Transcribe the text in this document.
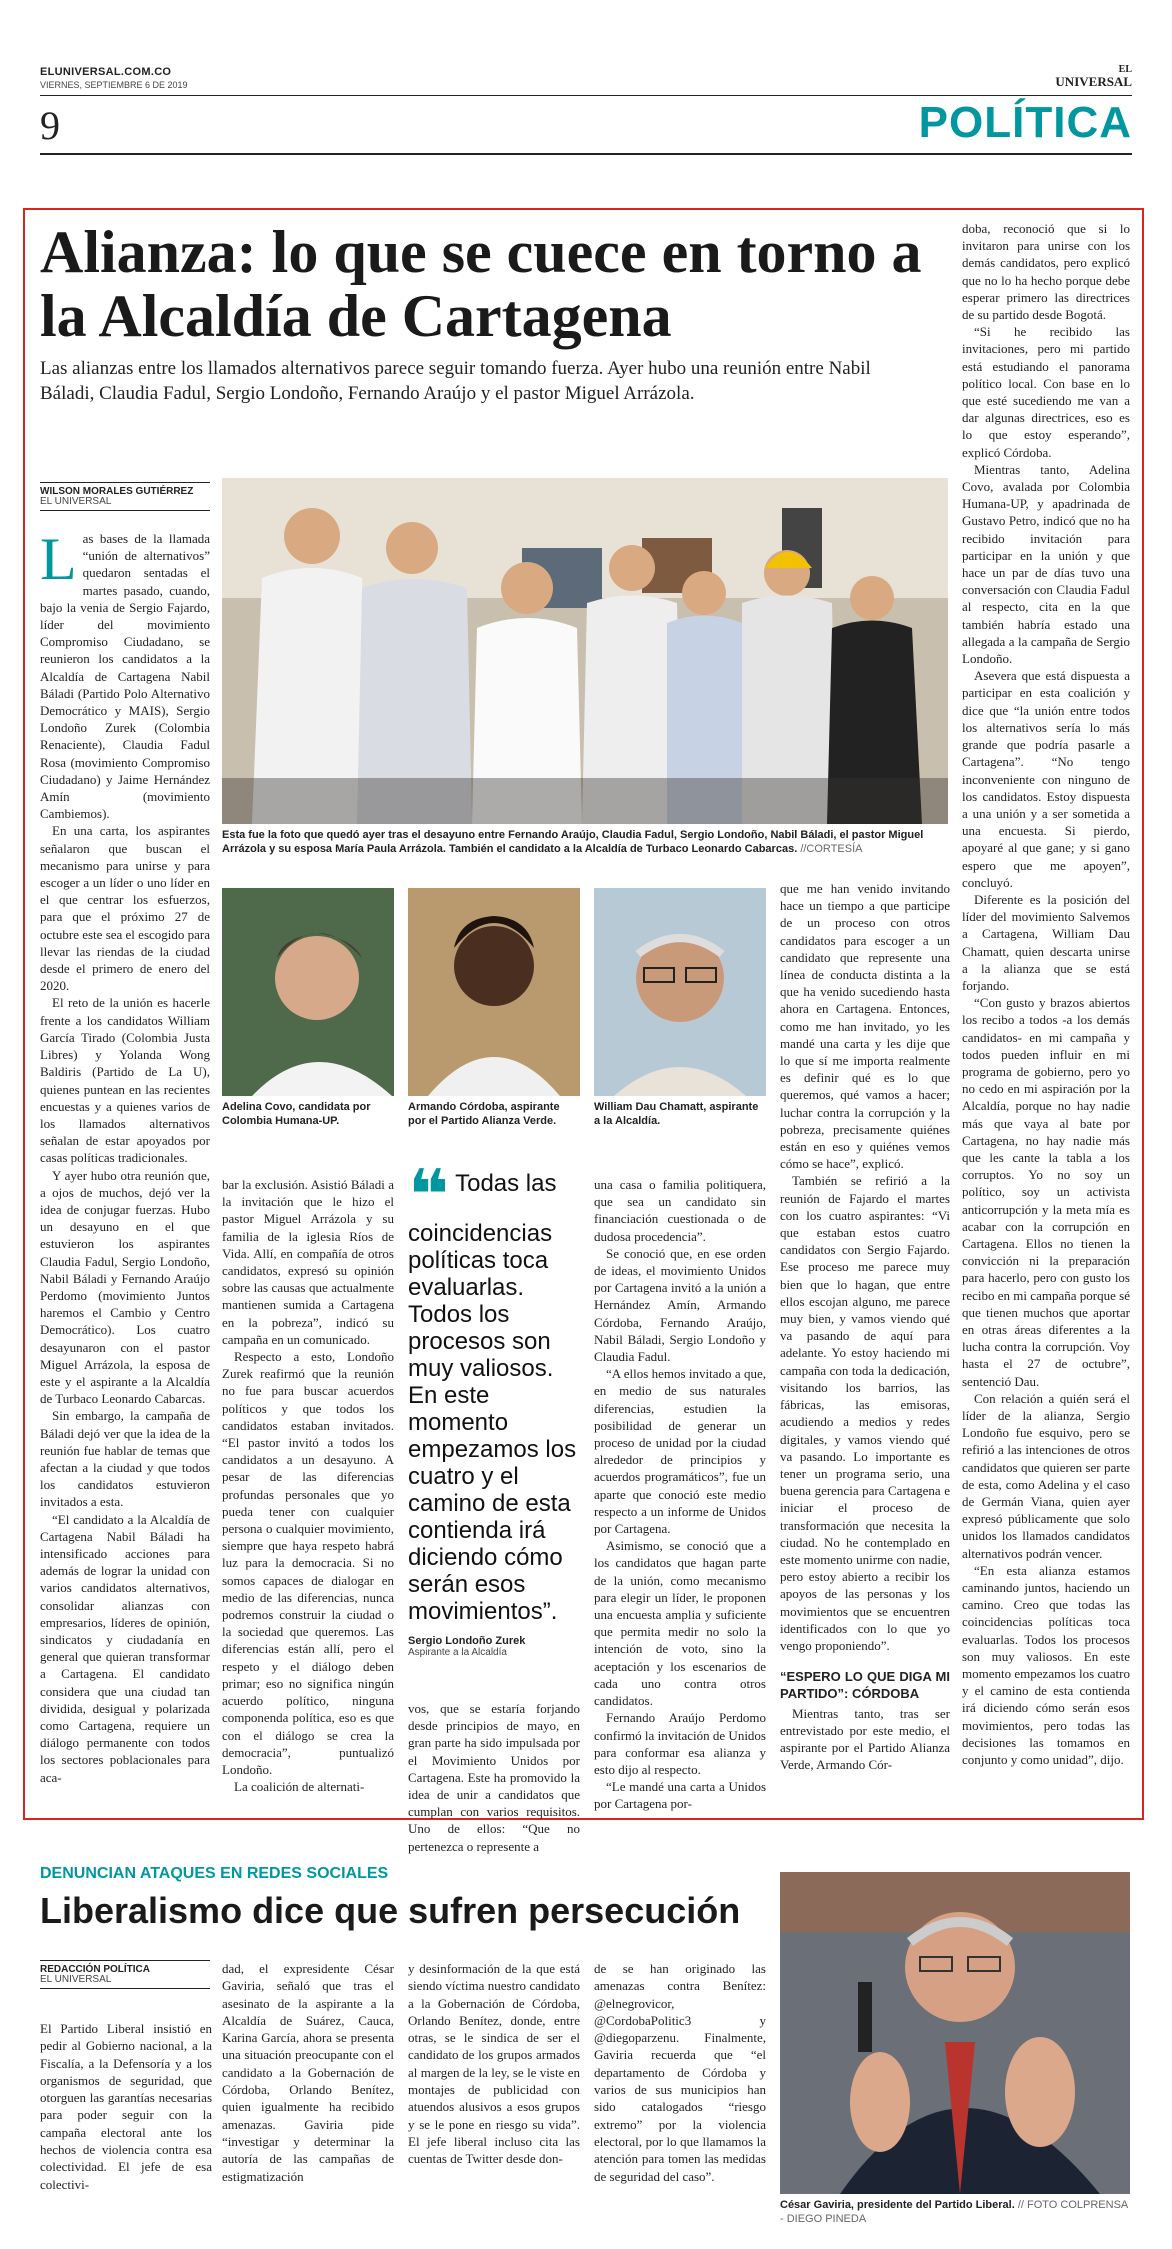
ELUNIVERSAL.COM.CO
VIERNES, SEPTIEMBRE 6 DE 2019
EL
UNIVERSAL
9	POLÍTICA
Alianza: lo que se cuece en torno a la Alcaldía de Cartagena
Las alianzas entre los llamados alternativos parece seguir tomando fuerza. Ayer hubo una reunión entre Nabil Báladi, Claudia Fadul, Sergio Londoño, Fernando Araújo y el pastor Miguel Arrázola.
WILSON MORALES GUTIÉRREZ
EL UNIVERSAL
L as bases de la llamada “unión de alternativos” quedaron sentadas el martes pasado, cuando, bajo la venia de Sergio Fajardo, líder del movimiento Compromiso Ciudadano, se reunieron los candidatos a la Alcaldía de Cartagena Nabil Báladi (Partido Polo Alternativo Democrático y MAIS), Sergio Londoño Zurek (Colombia Renaciente), Claudia Fadul Rosa (movimiento Compromiso Ciudadano) y Jaime Hernández Amín (movimiento Cambiemos).

En una carta, los aspirantes señalaron que buscan el mecanismo para unirse y para escoger a un líder o uno líder en el que centrar los esfuerzos, para que el próximo 27 de octubre este sea el escogido para llevar las riendas de la ciudad desde el primero de enero del 2020.

El reto de la unión es hacerle frente a los candidatos William García Tirado (Colombia Justa Libres) y Yolanda Wong Baldiris (Partido de La U), quienes puntean en las recientes encuestas y a quienes varios de los llamados alternativos señalan de estar apoyados por casas políticas tradicionales.

Y ayer hubo otra reunión que, a ojos de muchos, dejó ver la idea de conjugar fuerzas. Hubo un desayuno en el que estuvieron los aspirantes Claudia Fadul, Sergio Londoño, Nabil Báladi y Fernando Araújo Perdomo (movimiento Juntos haremos el Cambio y Centro Democrático). Los cuatro desayunaron con el pastor Miguel Arrázola, la esposa de este y el aspirante a la Alcaldía de Turbaco Leonardo Cabarcas.

Sin embargo, la campaña de Báladi dejó ver que la idea de la reunión fue hablar de temas que afectan a la ciudad y que todos los candidatos estuvieron invitados a esta.

“El candidato a la Alcaldía de Cartagena Nabil Báladi ha intensificado acciones para además de lograr la unidad con varios candidatos alternativos, consolidar alianzas con empresarios, líderes de opinión, sindicatos y ciudadanía en general que quieran transformar a Cartagena. El candidato considera que una ciudad tan dividida, desigual y polarizada como Cartagena, requiere un diálogo permanente con todos los sectores poblacionales para aca-

Esta fue la foto que quedó ayer tras el desayuno entre Fernando Araújo, Claudia Fadul, Sergio Londoño, Nabil Báladi, el pastor Miguel Arrázola y su esposa María Paula Arrázola. También el candidato a la Alcaldía de Turbaco Leonardo Cabarcas. //CORTESÍA
Adelina Covo, candidata por Colombia Humana-UP.
Armando Córdoba, aspirante por el Partido Alianza Verde.
William Dau Chamatt, aspirante a la Alcaldía.

bar la exclusión. Asistió Báladi a la invitación que le hizo el pastor Miguel Arrázola y su familia de la iglesia Ríos de Vida. Allí, en compañía de otros candidatos, expresó su opinión sobre las causas que actualmente mantienen sumida a Cartagena en la pobreza”, indicó su campaña en un comunicado.

Respecto a esto, Londoño Zurek reafirmó que la reunión no fue para buscar acuerdos políticos y que todos los candidatos estaban invitados. “El pastor invitó a todos los candidatos a un desayuno. A pesar de las diferencias profundas personales que yo pueda tener con cualquier persona o cualquier movimiento, siempre que haya respeto habrá luz para la democracia. Si no somos capaces de dialogar en medio de las diferencias, nunca podremos construir la ciudad o la sociedad que queremos. Las diferencias están allí, pero el respeto y el diálogo deben primar; eso no significa ningún acuerdo político, ninguna componenda política, eso es que con el diálogo se crea la democracia”, puntualizó Londoño.

La coalición de alternati-

❝ Todas las coincidencias políticas toca evaluarlas. Todos los procesos son muy valiosos. En este momento empezamos los cuatro y el camino de esta contienda irá diciendo cómo serán esos movimientos”.
Sergio Londoño Zurek
Aspirante a la Alcaldía

vos, que se estaría forjando desde principios de mayo, en gran parte ha sido impulsada por el Movimiento Unidos por Cartagena. Este ha promovido la idea de unir a candidatos que cumplan con varios requisitos. Uno de ellos: “Que no pertenezca o represente a

una casa o familia politiquera, que sea un candidato sin financiación cuestionada o de dudosa procedencia”.

Se conoció que, en ese orden de ideas, el movimiento Unidos por Cartagena invitó a la unión a Hernández Amín, Armando Córdoba, Fernando Araújo, Nabil Báladi, Sergio Londoño y Claudia Fadul.

“A ellos hemos invitado a que, en medio de sus naturales diferencias, estudien la posibilidad de generar un proceso de unidad por la ciudad alrededor de principios y acuerdos programáticos”, fue un aparte que conoció este medio respecto a un informe de Unidos por Cartagena.

Asimismo, se conoció que a los candidatos que hagan parte de la unión, como mecanismo para elegir un líder, le proponen una encuesta amplia y suficiente que permita medir no solo la intención de voto, sino la aceptación y los escenarios de cada uno contra otros candidatos.

Fernando Araújo Perdomo confirmó la invitación de Unidos para conformar esa alianza y esto dijo al respecto.

“Le mandé una carta a Unidos por Cartagena por-

que me han venido invitando hace un tiempo a que participe de un proceso con otros candidatos para escoger a un candidato que represente una línea de conducta distinta a la que ha venido sucediendo hasta ahora en Cartagena. Entonces, como me han invitado, yo les mandé una carta y les dije que lo que sí me importa realmente es definir qué es lo que queremos, qué vamos a hacer; luchar contra la corrupción y la pobreza, precisamente quiénes están en eso y quiénes vemos cómo se hace”, explicó.

También se refirió a la reunión de Fajardo el martes con los cuatro aspirantes: “Vi que estaban estos cuatro candidatos con Sergio Fajardo. Ese proceso me parece muy bien que lo hagan, que entre ellos escojan alguno, me parece muy bien, y vamos viendo qué va pasando de aquí para adelante. Yo estoy haciendo mi campaña con toda la dedicación, visitando los barrios, las fábricas, las emisoras, acudiendo a medios y redes digitales, y vamos viendo qué va pasando. Lo importante es tener un programa serio, una buena gerencia para Cartagena e iniciar el proceso de transformación que necesita la ciudad. No he contemplado en este momento unirme con nadie, pero estoy abierto a recibir los apoyos de las personas y los movimientos que se encuentren identificados con lo que yo vengo proponiendo”.

“ESPERO LO QUE DIGA MI PARTIDO”: CÓRDOBA

Mientras tanto, tras ser entrevistado por este medio, el aspirante por el Partido Alianza Verde, Armando Cór-

doba, reconoció que si lo invitaron para unirse con los demás candidatos, pero explicó que no lo ha hecho porque debe esperar primero las directrices de su partido desde Bogotá.

“Si he recibido las invitaciones, pero mi partido está estudiando el panorama político local. Con base en lo que esté sucediendo me van a dar algunas directrices, eso es lo que estoy esperando”, explicó Córdoba.

Mientras tanto, Adelina Covo, avalada por Colombia Humana-UP, y apadrinada de Gustavo Petro, indicó que no ha recibido invitación para participar en la unión y que hace un par de días tuvo una conversación con Claudia Fadul al respecto, cita en la que también habría estado una allegada a la campaña de Sergio Londoño.

Asevera que está dispuesta a participar en esta coalición y dice que “la unión entre todos los alternativos sería lo más grande que podría pasarle a Cartagena”. “No tengo inconveniente con ninguno de los candidatos. Estoy dispuesta a una unión y a ser sometida a una encuesta. Si pierdo, apoyaré al que gane; y si gano espero que me apoyen”, concluyó.

Diferente es la posición del líder del movimiento Salvemos a Cartagena, William Dau Chamatt, quien descarta unirse a la alianza que se está forjando.

“Con gusto y brazos abiertos los recibo a todos -a los demás candidatos- en mi campaña y todos pueden influir en mi programa de gobierno, pero yo no cedo en mi aspiración por la Alcaldía, porque no hay nadie más que vaya al bate por Cartagena, no hay nadie más que les cante la tabla a los corruptos. Yo no soy un político, soy un activista anticorrupción y la meta mía es acabar con la corrupción en Cartagena. Ellos no tienen la convicción ni la preparación para hacerlo, pero con gusto los recibo en mi campaña porque sé que tienen muchos que aportar en otras áreas diferentes a la lucha contra la corrupción. Voy hasta el 27 de octubre”, sentenció Dau.

Con relación a quién será el líder de la alianza, Sergio Londoño fue esquivo, pero se refirió a las intenciones de otros candidatos que quieren ser parte de esta, como Adelina y el caso de Germán Viana, quien ayer expresó públicamente que solo unidos los llamados candidatos alternativos podrán vencer.

“En esta alianza estamos caminando juntos, haciendo un camino. Creo que todas las coincidencias políticas toca evaluarlas. Todos los procesos son muy valiosos. En este momento empezamos los cuatro y el camino de esta contienda irá diciendo cómo serán esos movimientos, pero todas las decisiones las tomamos en conjunto y como unidad”, dijo.

DENUNCIAN ATAQUES EN REDES SOCIALES
Liberalismo dice que sufren persecución
REDACCIÓN POLÍTICA
EL UNIVERSAL

El Partido Liberal insistió en pedir al Gobierno nacional, a la Fiscalía, a la Defensoría y a los organismos de seguridad, que otorguen las garantías necesarias para poder seguir con la campaña electoral ante los hechos de violencia contra esa colectividad. El jefe de esa colectivi-

dad, el expresidente César Gaviria, señaló que tras el asesinato de la aspirante a la Alcaldía de Suárez, Cauca, Karina García, ahora se presenta una situación preocupante con el candidato a la Gobernación de Córdoba, Orlando Benítez, quien igualmente ha recibido amenazas. Gaviria pide “investigar y determinar la autoría de las campañas de estigmatización

y desinformación de la que está siendo víctima nuestro candidato a la Gobernación de Córdoba, Orlando Benítez, donde, entre otras, se le sindica de ser el candidato de los grupos armados al margen de la ley, se le viste en montajes de publicidad con atuendos alusivos a esos grupos y se le pone en riesgo su vida”. El jefe liberal incluso cita las cuentas de Twitter desde don-

de se han originado las amenazas contra Benítez: @elnegrovicor, @CordobaPolitic3 y @diegoparzenu. Finalmente, Gaviria recuerda que “el departamento de Córdoba y varios de sus municipios han sido catalogados “riesgo extremo” por la violencia electoral, por lo que llamamos la atención para tomen las medidas de seguridad del caso”.

César Gaviria, presidente del Partido Liberal. // FOTO COLPRENSA - DIEGO PINEDA
